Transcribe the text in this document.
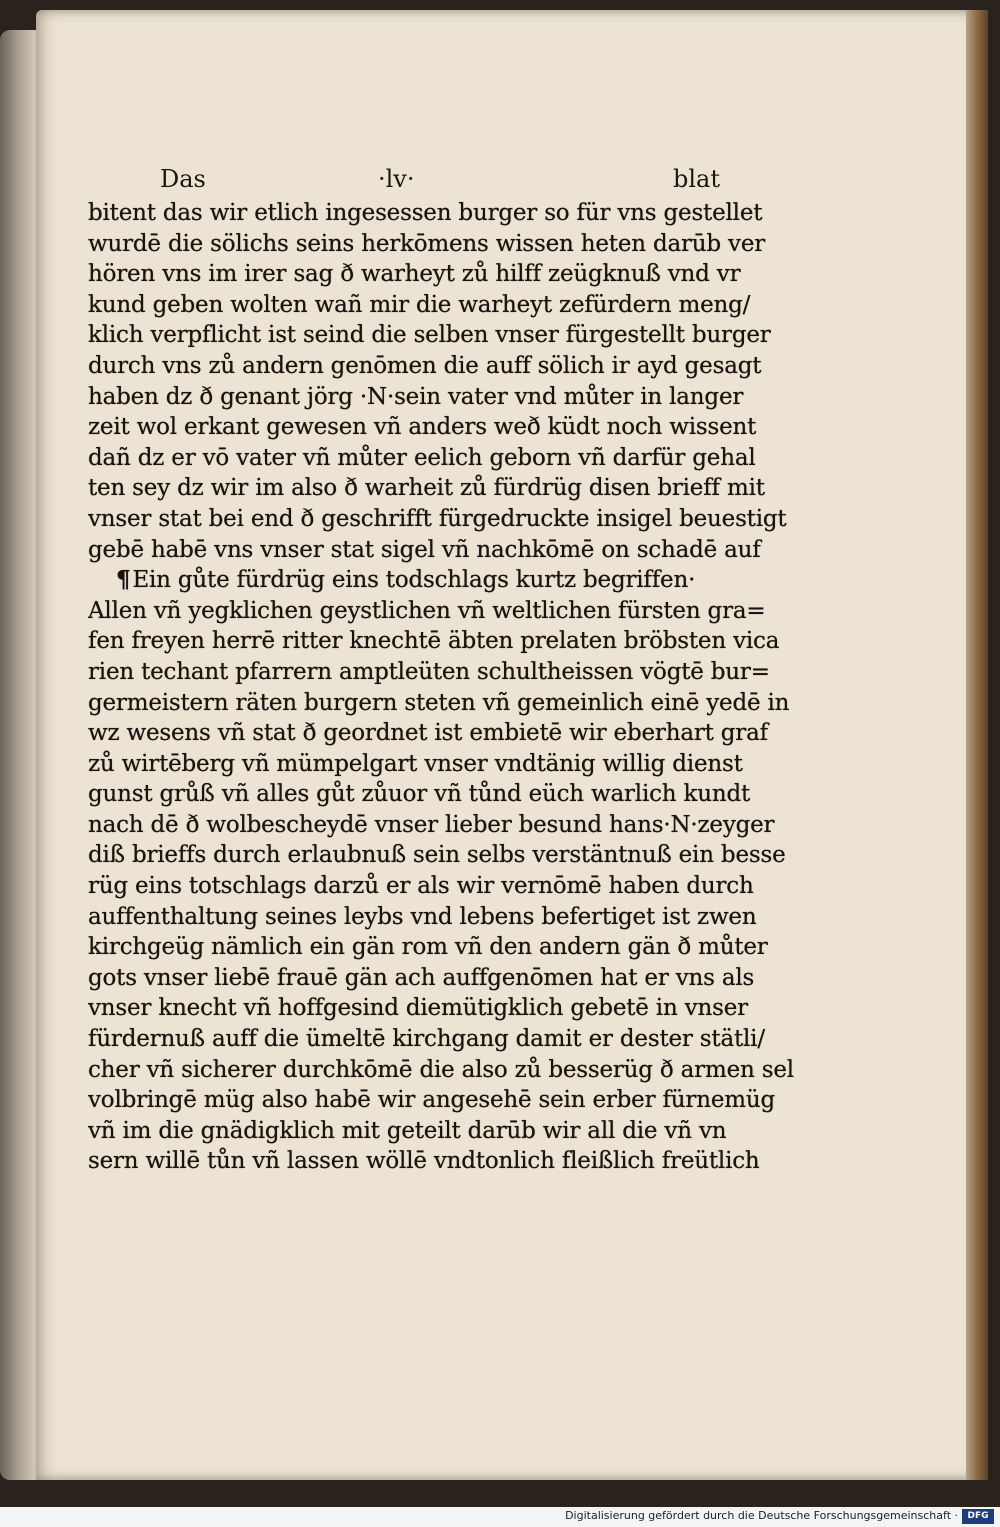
Das	·lv·	blat
bitent das wir etlich ingesessen burger so für vns gestellet
wurdē die sölichs seins herkōmens wissen heten darūb ver
hören vns im irer sag ð warheyt zů hilff zeügknuß vnd vr
kund geben wolten wañ mir die warheyt zefürdern meng/
klich verpflicht ist seind die selben vnser fürgestellt burger
durch vns zů andern genōmen die auff sölich ir ayd gesagt
haben dz ð genant jörg ·N·sein vater vnd můter in langer
zeit wol erkant gewesen vñ anders weð küdt noch wissent
dañ dz er vō vater vñ můter eelich geborn vñ darfür gehal
ten sey dz wir im also ð warheit zů fürdrüg disen brieff mit
vnser stat bei end ð geschrifft fürgedruckte insigel beuestigt
gebē habē vns vnser stat sigel vñ nachkōmē on schadē auf
¶Ein gůte fürdrüg eins todschlags kurtz begriffen·
Allen vñ yegklichen geystlichen vñ weltlichen fürsten gra=
fen freyen herrē ritter knechtē äbten prelaten bröbsten vica
rien techant pfarrern amptleüten schultheissen vögtē bur=
germeistern räten burgern steten vñ gemeinlich einē yedē in
wz wesens vñ stat ð geordnet ist embietē wir eberhart graf
zů wirtēberg vñ mümpelgart vnser vndtänig willig dienst
gunst grůß vñ alles gůt zůuor vñ tůnd eüch warlich kundt
nach dē ð wolbescheydē vnser lieber besund hans·N·zeyger
diß brieffs durch erlaubnuß sein selbs verstäntnuß ein besse
rüg eins totschlags darzů er als wir vernōmē haben durch
auffenthaltung seines leybs vnd lebens befertiget ist zwen
kirchgeüg nämlich ein gän rom vñ den andern gän ð můter
gots vnser liebē frauē gän ach auffgenōmen hat er vns als
vnser knecht vñ hoffgesind diemütigklich gebetē in vnser
fürdernuß auff die ümeltē kirchgang damit er dester stätli/
cher vñ sicherer durchkōmē die also zů besserüg ð armen sel
volbringē müg also habē wir angesehē sein erber fürnemüg
vñ im die gnädigklich mit geteilt darūb wir all die vñ vn
sern willē tůn vñ lassen wöllē vndtonlich fleißlich freütlich
Digitalisierung gefördert durch die Deutsche Forschungsgemeinschaft ·	DFG
